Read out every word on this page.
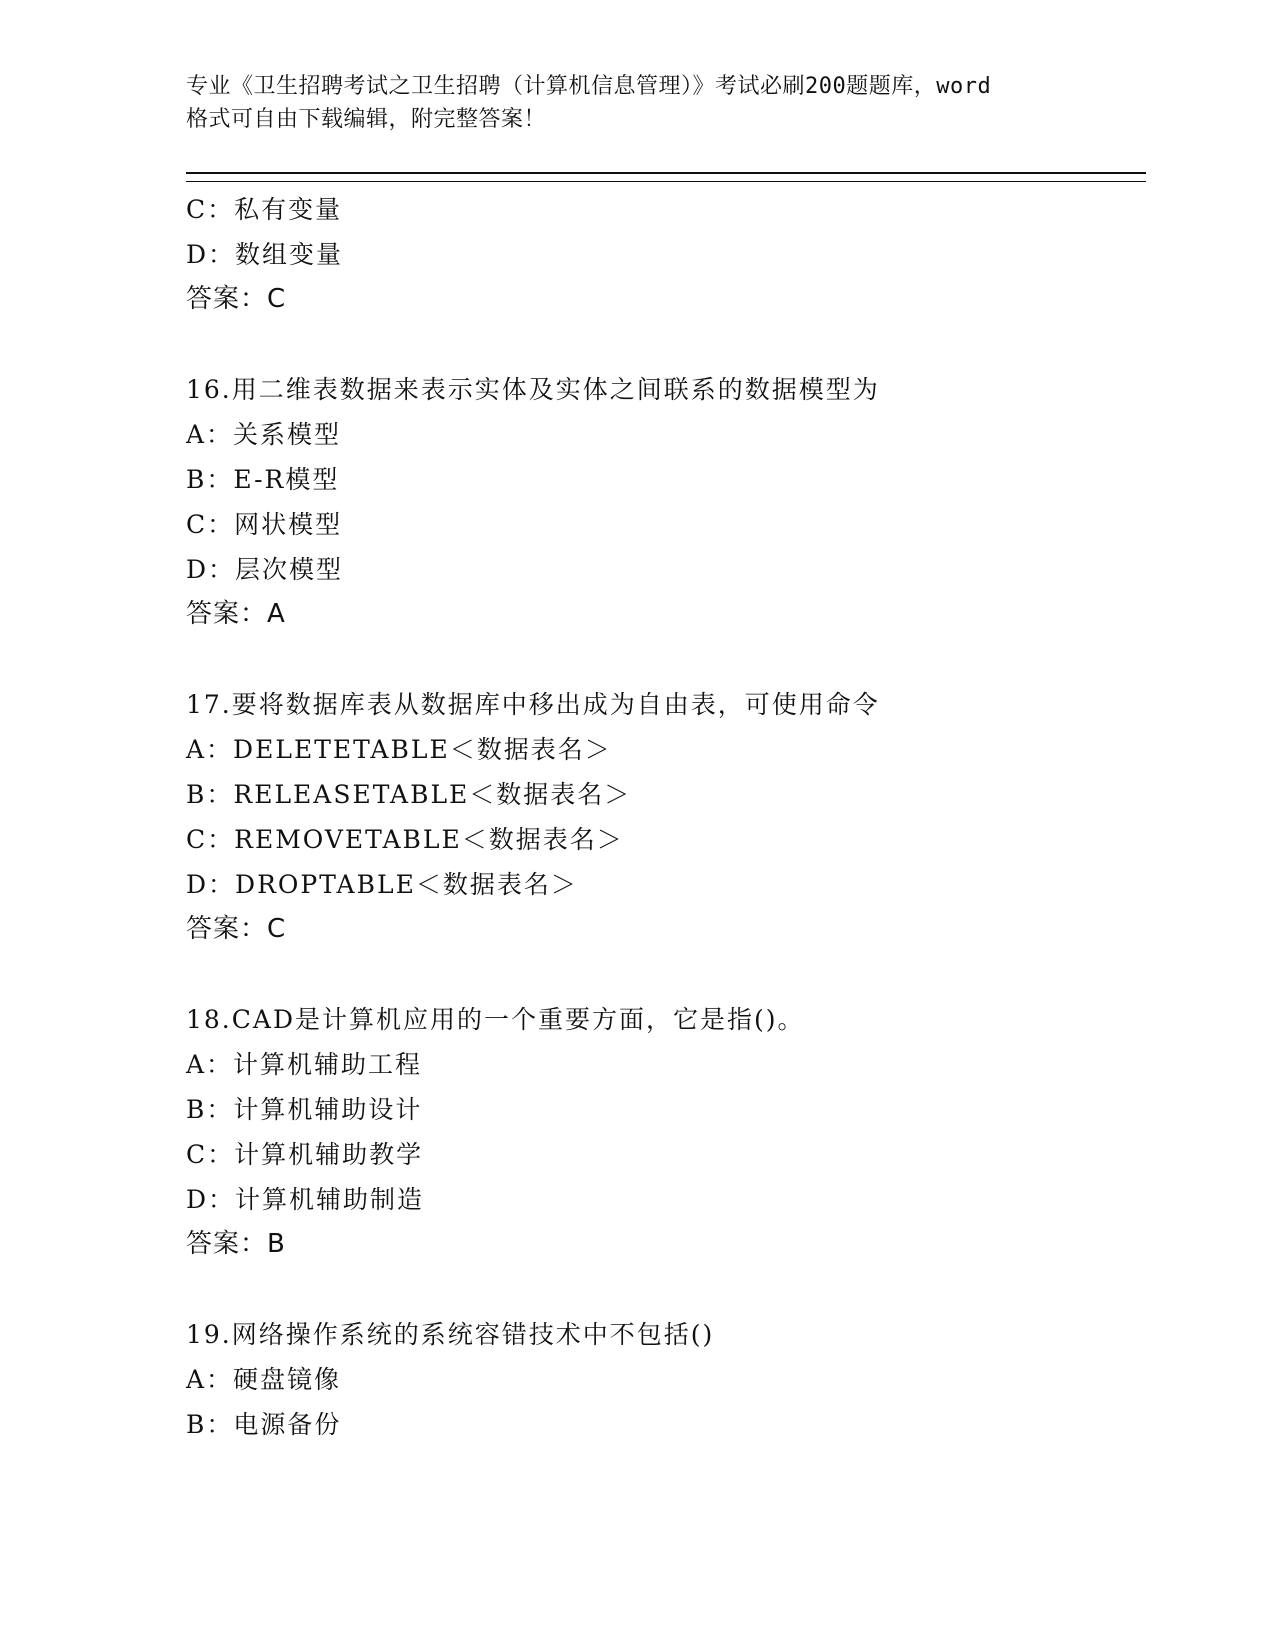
专业《卫生招聘考试之卫生招聘（计算机信息管理）》考试必刷200题题库，word
格式可自由下载编辑，附完整答案！
C：私有变量
D：数组变量
答案：C
16.用二维表数据来表示实体及实体之间联系的数据模型为
A：关系模型
B：E-R模型
C：网状模型
D：层次模型
答案：A
17.要将数据库表从数据库中移出成为自由表，可使用命令
A：DELETETABLE＜数据表名＞
B：RELEASETABLE＜数据表名＞
C：REMOVETABLE＜数据表名＞
D：DROPTABLE＜数据表名＞
答案：C
18.CAD是计算机应用的一个重要方面，它是指()。
A：计算机辅助工程
B：计算机辅助设计
C：计算机辅助教学
D：计算机辅助制造
答案：B
19.网络操作系统的系统容错技术中不包括()
A：硬盘镜像
B：电源备份
